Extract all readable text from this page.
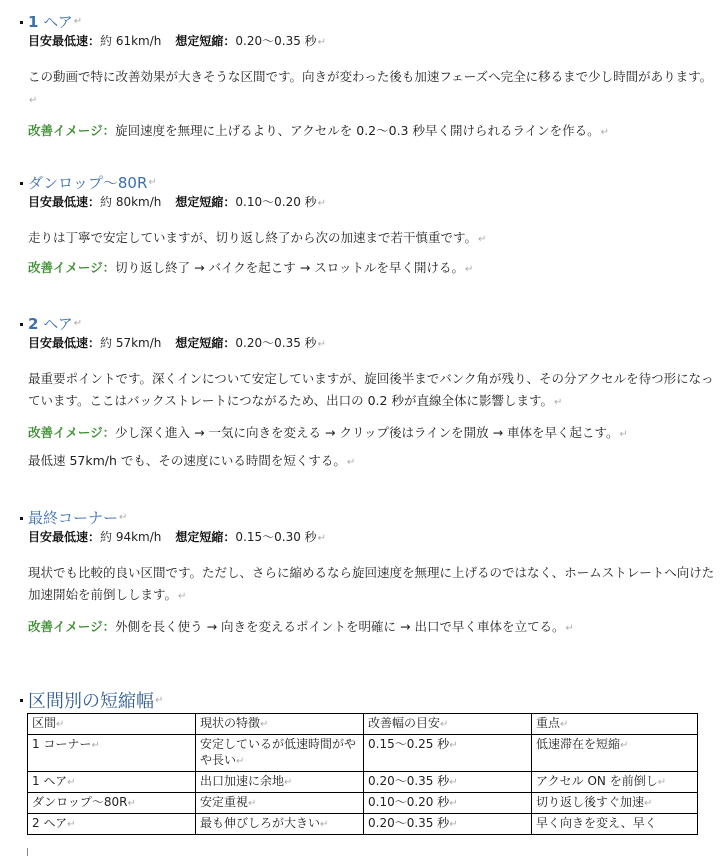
1
ヘア ↵
目安最低速：約 61km/h 想定短縮：0.20〜0.35 秒↵
この動画で特に改善効果が大きそうな区間です。向きが変わった後も加速フェーズへ完全に移るまで少し時間があります。↵
改善イメージ：旋回速度を無理に上げるより、アクセルを 0.2〜0.3 秒早く開けられるラインを作る。↵
ダンロップ〜80R ↵
目安最低速：約 80km/h 想定短縮：0.10〜0.20 秒↵
走りは丁寧で安定していますが、切り返し終了から次の加速まで若干慎重です。↵
改善イメージ：切り返し終了 → バイクを起こす → スロットルを早く開ける。↵
2
ヘア ↵
目安最低速：約 57km/h 想定短縮：0.20〜0.35 秒↵
最重要ポイントです。深くインについて安定していますが、旋回後半までバンク角が残り、その分アクセルを待つ形になっています。ここはバックストレートにつながるため、出口の 0.2 秒が直線全体に影響します。↵
改善イメージ：少し深く進入 → 一気に向きを変える → クリップ後はラインを開放 → 車体を早く起こす。↵
最低速 57km/h でも、その速度にいる時間を短くする。↵
最終コーナー ↵
目安最低速：約 94km/h 想定短縮：0.15〜0.30 秒↵
現状でも比較的良い区間です。ただし、さらに縮めるなら旋回速度を無理に上げるのではなく、ホームストレートへ向けた加速開始を前倒しします。↵
改善イメージ：外側を長く使う → 向きを変えるポイントを明確に → 出口で早く車体を立てる。↵
区間別の短縮幅 ↵
区間↵	現状の特徴↵	改善幅の目安↵	重点↵
1 コーナー↵	安定しているが低速時間がやや長い↵	0.15〜0.25 秒↵	低速滞在を短縮↵
1 ヘア↵	出口加速に余地↵	0.20〜0.35 秒↵	アクセル ON を前倒し↵
ダンロップ〜80R↵	安定重視↵	0.10〜0.20 秒↵	切り返し後すぐ加速↵
2 ヘア↵	最も伸びしろが大きい↵	0.20〜0.35 秒↵	早く向きを変え、早く
